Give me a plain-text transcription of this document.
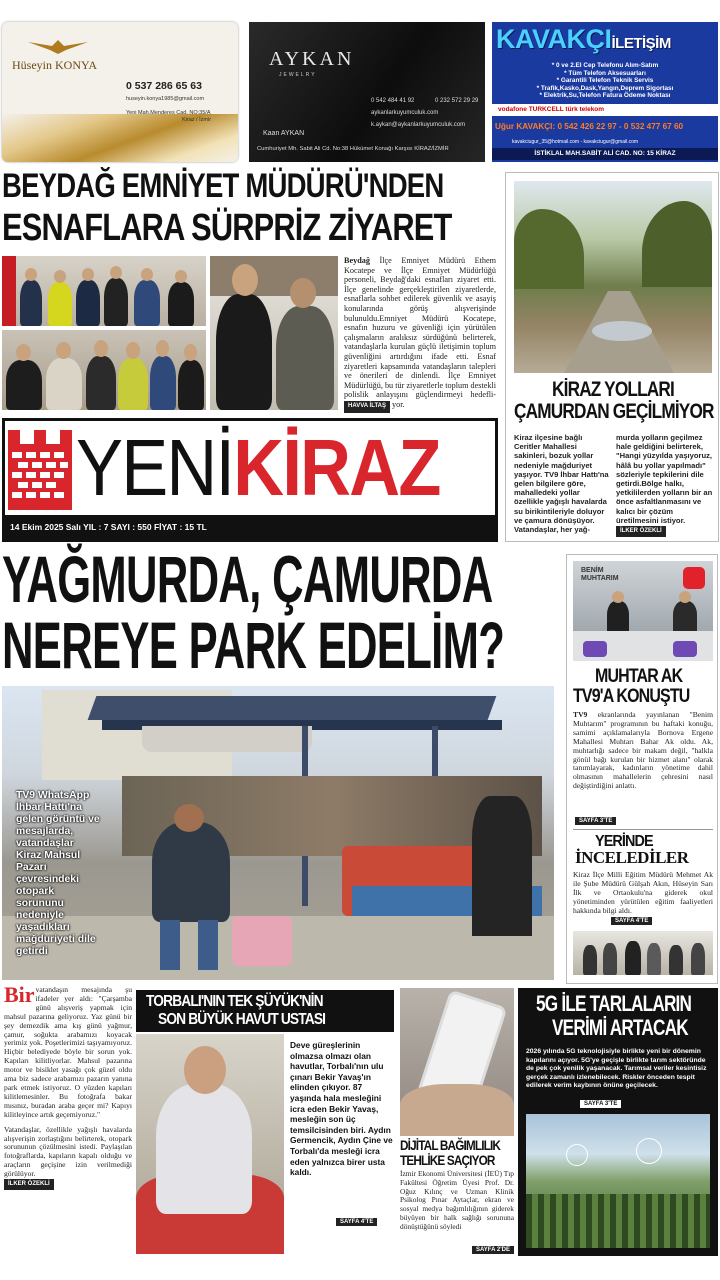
Hüseyin KONYA
0 537 286 65 63
huseyin.konya1985@gmail.com
Yeni Mah.Menderes Cad. NO:35/A
Kiraz / İzmir
AYKAN
JEWELRY
Kaan AYKAN
0 542 484 41 92	0 232 572 29 29
aykanlarkuyumculuk.com
k.aykan@aykanlarkuyumculuk.com
Cumhuriyet Mh. Sabit Ali Cd. No:38 Hükümet Konağı Karşısı KİRAZ/İZMİR
KAVAKÇIİLETİŞİM
* 0 ve 2.El Cep Telefonu Alım-Satım
* Tüm Telefon Aksesuarları
* Garantili Telefon Teknik Servis
* Trafik,Kasko,Dask,Yangın,Deprem Sigortası
* Elektrik,Su,Telefon Fatura Ödeme Noktası
vodafone TURKCELL türk telekom
Uğur KAVAKÇI: 0 542 426 22 97 - 0 532 477 67 60
kavakciugur_35@hotmail.com - kavakciugur@gmail.com
İSTİKLAL MAH.SABİT ALİ CAD. NO: 15 KİRAZ
BEYDAĞ EMNİYET MÜDÜRÜ'NDEN
ESNAFLARA SÜRPRİZ ZİYARET
Beydağ İlçe Emniyet Müdürü Ethem Kocatepe ve İlçe Emniyet Müdürlüğü personeli, Beydağ'daki esnafları ziyaret etti. İlçe genelinde gerçekleştirilen ziyaretlerde, esnaflarla sohbet edilerek güvenlik ve asayiş konularında görüş alışverişinde bulunuldu.Emniyet Müdürü Kocatepe, esnafın huzuru ve güvenliği için yürütülen çalışmaların aralıksız sürdüğünü belirterek, vatandaşlarla kurulan güçlü iletişimin toplum güvenliğini artırdığını ifade etti. Esnaf ziyaretleri kapsamında vatandaşların talepleri ve önerileri de dinlendi. İlçe Emniyet Müdürlüğü, bu tür ziyaretlerle toplum destekli polislik anlayışını güçlendirmeyi hedefli- HAVVA İLTAŞ yor.
KİRAZ YOLLARI
ÇAMURDAN GEÇİLMİYOR
Kiraz ilçesine bağlı Ceritler Mahallesi sakinleri, bozuk yollar nedeniyle mağduriyet yaşıyor. TV9 İhbar Hattı'na gelen bilgilere göre, mahalledeki yollar özellikle yağışlı havalarda su birikintileriyle doluyor ve çamura dönüşüyor. Vatandaşlar, her yağ-
murda yolların geçilmez hale geldiğini belirterek, "Hangi yüzyılda yaşıyoruz, hâlâ bu yollar yapılmadı" sözleriyle tepkilerini dile getirdi.Bölge halkı, yetkililerden yolların bir an önce asfaltlanmasını ve kalıcı bir çözüm üretilmesini istiyor. İLKER ÖZEKLİ
YENİKİRAZ
14 Ekim 2025 Salı YIL : 7 SAYI : 550 FİYAT : 15 TL
YAĞMURDA, ÇAMURDA
NEREYE PARK EDELİM?
TV9 WhatsApp İhbar Hattı'na gelen görüntü ve mesajlarda, vatandaşlar Kiraz Mahsul Pazarı çevresindeki otopark sorununu nedeniyle yaşadıkları mağduriyeti dile getirdi
Bir vatandaşın mesajında şu ifadeler yer aldı: "Çarşamba günü alışveriş yapmak için mahsul pazarına geliyoruz. Yaz günü bir şey demezdik ama kış günü yağmur, çamur, soğukta arabamızı koyacak yerimiz yok. Poşetlerimizi taşıyamıyoruz. Hiçbir belediyede böyle bir sorun yok. Kapıları kilitliyorlar. Mahsul pazarına motor ve bisiklet yasağı çok güzel oldu ama biz sadece arabamızı pazarın yanına park etmek istiyoruz. O yüzden kapıları kilitlemesinler. Bu fotoğrafa bakar mısınız, buradan araba geçer mi? Kapıyı kilitleyince artık geçemiyoruz."
Vatandaşlar, özellikle yağışlı havalarda alışverişin zorlaştığını belirterek, otopark sorununun çözülmesini istedi. Paylaşılan fotoğraflarda, kapıların kapalı olduğu ve araçların geçişine izin verilmediği görülüyor.
İLKER ÖZEKLİ
BENİM MUHTARIM
MUHTAR AK
TV9'A KONUŞTU
TV9 ekranlarında yayınlanan "Benim Muhtarım" programının bu haftaki konuğu, samimi açıklamalarıyla Bornova Ergene Mahallesi Muhtarı Bahar Ak oldu. Ak, muhtarlığı sadece bir makam değil, "halkla gönül bağı kurulan bir hizmet alanı" olarak tanımlayarak, kadınların yönetime dahil olmasının mahallelerin çehresini nasıl değiştirdiğini anlattı.
SAYFA 3'TE
YERİNDE
İNCELEDİLER
Kiraz İlçe Milli Eğitim Müdürü Mehmet Ak ile Şube Müdürü Gülşah Akın, Hüseyin Sarı İlk ve Ortaokulu'na giderek okul yönetiminden yürütülen eğitim faaliyetleri hakkında bilgi aldı.
SAYFA 4'TE
TORBALI'NIN TEK ŞÜYÜK'NİN
SON BÜYÜK HAVUT USTASI
Deve güreşlerinin olmazsa olmazı olan havutlar, Torbalı'nın ulu çınarı Bekir Yavaş'ın elinden çıkıyor. 87 yaşında hala mesleğini icra eden Bekir Yavaş, mesleğin son üç temsilcisinden biri. Aydın Germencik, Aydın Çine ve Torbalı'da mesleği icra eden yalnızca birer usta kaldı.
SAYFA 4'TE
DİJİTAL BAĞIMLILIK
TEHLİKE SAÇIYOR
İzmir Ekonomi Üniversitesi (İEÜ) Tıp Fakültesi Öğretim Üyesi Prof. Dr. Oğuz Kılınç ve Uzman Klinik Psikolog Pınar Aytaçlar, ekran ve sosyal medya bağımlılığının giderek büyüyen bir halk sağlığı sorununa dönüştüğünü söyledi
SAYFA 2'DE
5G İLE TARLALARIN
VERİMİ ARTACAK
2026 yılında 5G teknolojisiyle birlikte yeni bir dönemin kapılarını açıyor. 5G'ye geçişle birlikte tarım sektöründe de pek çok yenilik yaşanacak. Tarımsal veriler kesintisiz gerçek zamanlı izlenebilecek. Riskler önceden tespit edilerek verim kaybının önüne geçilecek.
SAYFA 3'TE
